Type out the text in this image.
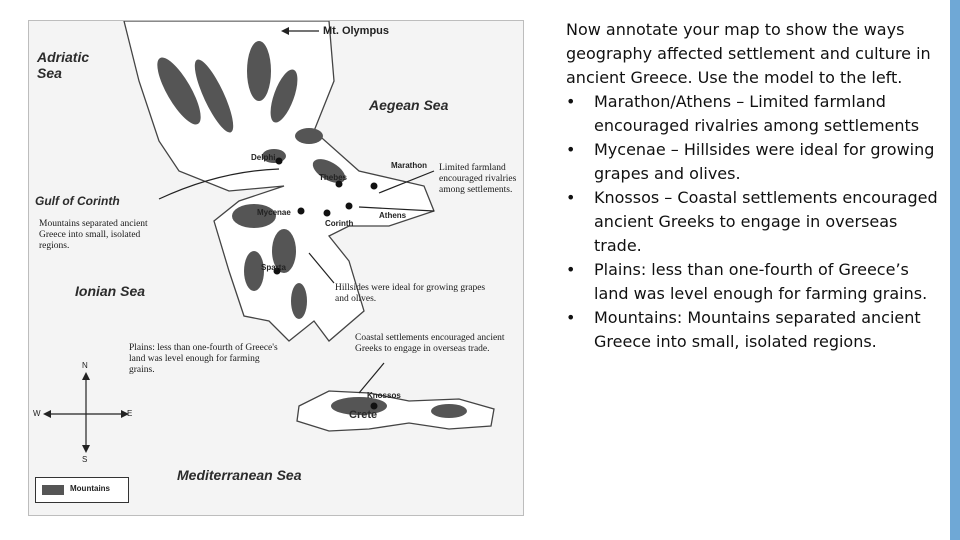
Adriatic
Sea
Aegean Sea
Ionian Sea
Mediterranean Sea
Gulf of Corinth
Mt. Olympus
Delphi
Thebes
Marathon
Athens
Corinth
Mycenae
Sparta
Knossos
Crete
Mountains separated ancient Greece into small, isolated regions.
Limited farmland encouraged rivalries among settlements.
Hillsides were ideal for growing grapes and olives.
Plains: less than one-fourth of Greece's land was level enough for farming grains.
Coastal settlements encouraged ancient Greeks to engage in overseas trade.
N
S
E
W
Mountains

Now annotate your map to show the ways geography affected settlement and culture in ancient Greece. Use the model to the left.

•	Marathon/Athens – Limited farmland encouraged rivalries among settlements
•	Mycenae – Hillsides were ideal for growing grapes and olives.
•	Knossos – Coastal settlements encouraged ancient Greeks to engage in overseas trade.
•	Plains: less than one-fourth of Greece’s land was level enough for farming grains.
•	Mountains: Mountains separated ancient Greece into small, isolated regions.
